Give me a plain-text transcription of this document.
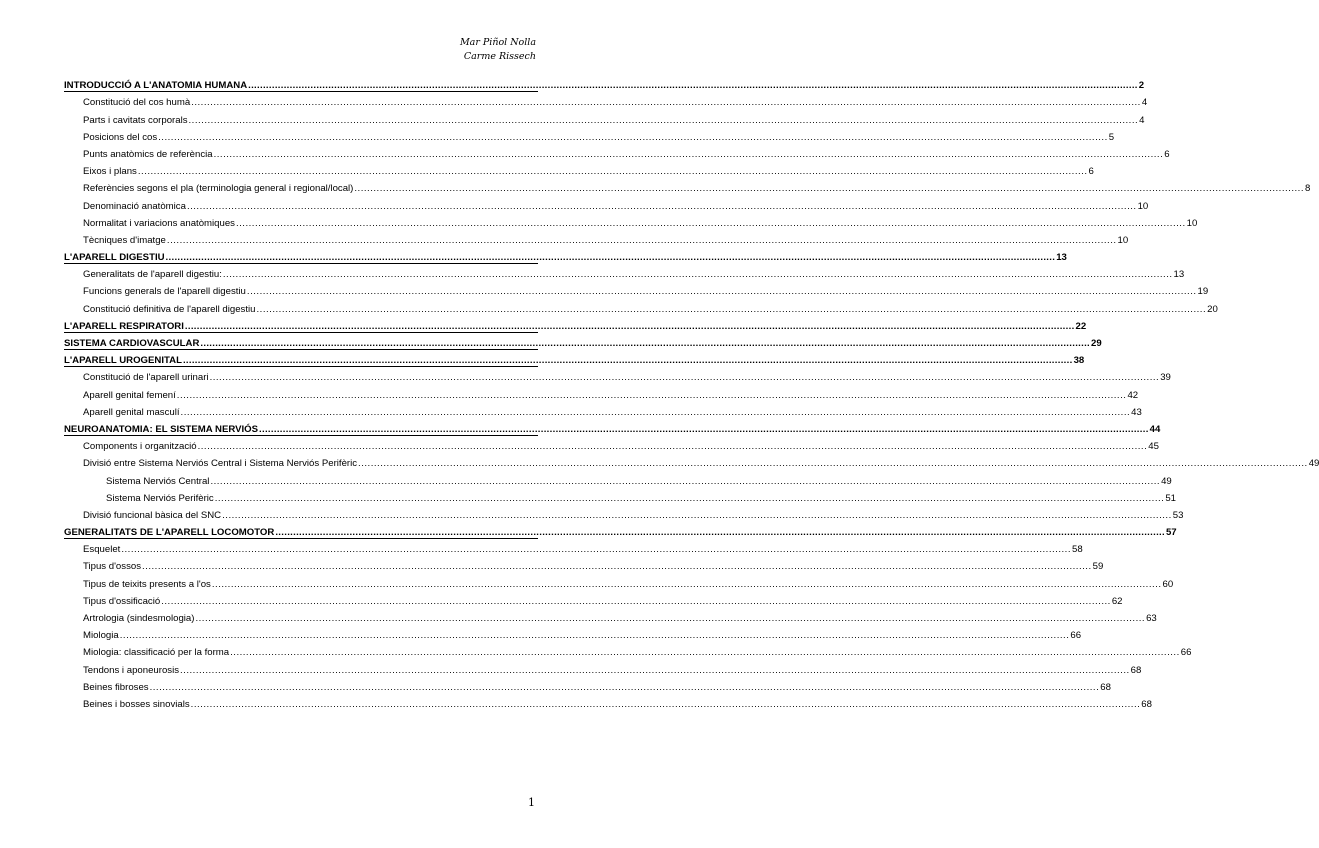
Mar Piñol Nolla
Carme Rissech
INTRODUCCIÓ A L'ANATOMIA HUMANA ............................................................................................................................................................................................................................................................................................................ 2
Constitució del cos humà ............................................................................................................................................................................................................................................................................................................ 4
Parts i cavitats corporals ............................................................................................................................................................................................................................................................................................................ 4
Posicions del cos ............................................................................................................................................................................................................................................................................................................ 5
Punts anatòmics de referència ............................................................................................................................................................................................................................................................................................................ 6
Eixos i plans ............................................................................................................................................................................................................................................................................................................ 6
Referències segons el pla (terminologia general i regional/local) ............................................................................................................................................................................................................................................................................................................ 8
Denominació anatòmica ............................................................................................................................................................................................................................................................................................................ 10
Normalitat i variacions anatòmiques ............................................................................................................................................................................................................................................................................................................ 10
Tècniques d'imatge ............................................................................................................................................................................................................................................................................................................ 10
L'APARELL DIGESTIU ............................................................................................................................................................................................................................................................................................................ 13
Generalitats de l'aparell digestiu: ............................................................................................................................................................................................................................................................................................................ 13
Funcions generals de l'aparell digestiu ............................................................................................................................................................................................................................................................................................................ 19
Constitució definitiva de l'aparell digestiu ............................................................................................................................................................................................................................................................................................................ 20
L'APARELL RESPIRATORI ............................................................................................................................................................................................................................................................................................................ 22
SISTEMA CARDIOVASCULAR ............................................................................................................................................................................................................................................................................................................ 29
L'APARELL UROGENITAL ............................................................................................................................................................................................................................................................................................................ 38
Constitució de l'aparell urinari ............................................................................................................................................................................................................................................................................................................ 39
Aparell genital femení ............................................................................................................................................................................................................................................................................................................ 42
Aparell genital masculí ............................................................................................................................................................................................................................................................................................................ 43
NEUROANATOMIA: EL SISTEMA NERVIÓS ............................................................................................................................................................................................................................................................................................................ 44
Components i organització ............................................................................................................................................................................................................................................................................................................ 45
Divisió entre Sistema Nerviós Central i Sistema Nerviós Perifèric ............................................................................................................................................................................................................................................................................................................ 49
Sistema Nerviós Central ............................................................................................................................................................................................................................................................................................................ 49
Sistema Nerviós Perifèric ............................................................................................................................................................................................................................................................................................................ 51
Divisió funcional bàsica del SNC ............................................................................................................................................................................................................................................................................................................ 53
GENERALITATS DE L'APARELL LOCOMOTOR ............................................................................................................................................................................................................................................................................................................ 57
Esquelet ............................................................................................................................................................................................................................................................................................................ 58
Tipus d'ossos ............................................................................................................................................................................................................................................................................................................ 59
Tipus de teixits presents a l'os ............................................................................................................................................................................................................................................................................................................ 60
Tipus d'ossificació ............................................................................................................................................................................................................................................................................................................ 62
Artrologia (sindesmologia) ............................................................................................................................................................................................................................................................................................................ 63
Miologia ............................................................................................................................................................................................................................................................................................................ 66
Miologia: classificació per la forma ............................................................................................................................................................................................................................................................................................................ 66
Tendons i aponeurosis ............................................................................................................................................................................................................................................................................................................ 68
Beines fibroses ............................................................................................................................................................................................................................................................................................................ 68
Beines i bosses sinovials ............................................................................................................................................................................................................................................................................................................ 68
1
